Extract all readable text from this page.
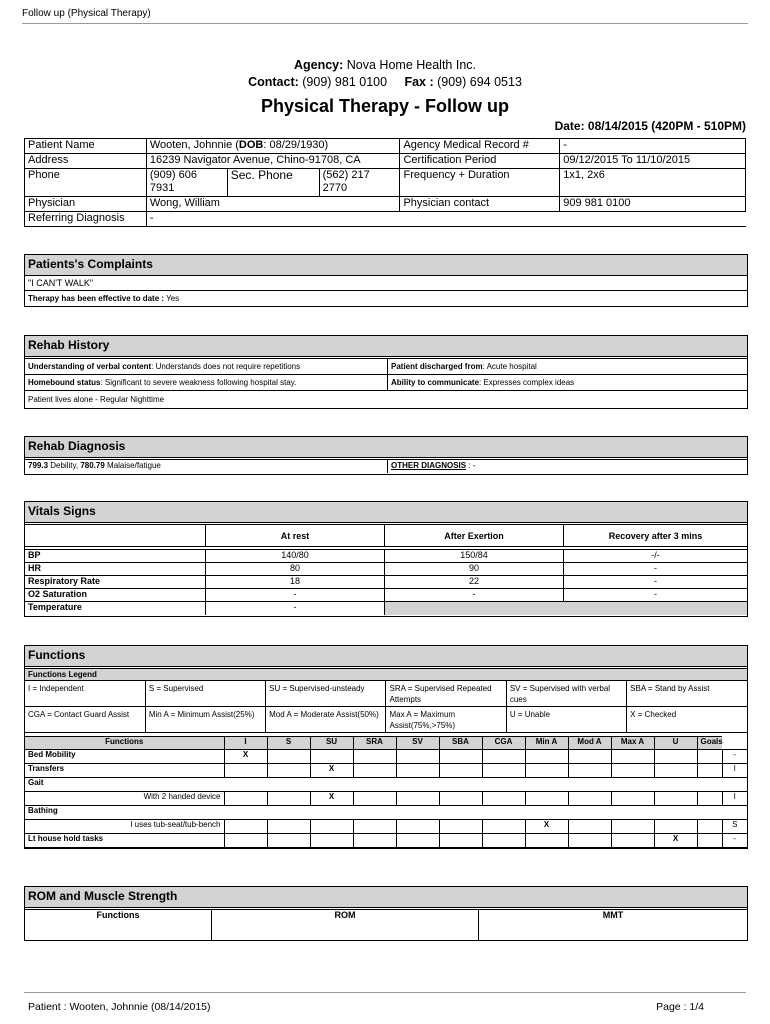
Follow up (Physical Therapy)
Agency: Nova Home Health Inc.
Contact: (909) 981 0100 Fax : (909) 694 0513
Physical Therapy - Follow up
Date: 08/14/2015 (420PM - 510PM)
Patient Name	Wooten, Johnnie (DOB: 08/29/1930)			Agency Medical Record #	-
Address	16239 Navigator Avenue, Chino-91708, CA			Certification Period	09/12/2015 To 11/10/2015
Phone	(909) 606 7931	Sec. Phone	(562) 217 2770	Frequency + Duration	1x1, 2x6
Physician	Wong, William			Physician contact	909 981 0100
Referring Diagnosis	-				
Patients's Complaints
"I CAN'T WALK"
Therapy has been effective to date : Yes
Rehab History
Understanding of verbal content: Understands does not require repetitions	Patient discharged from: Acute hospital
Homebound status: Significant to severe weakness following hospital stay.	Ability to communicate: Expresses complex ideas
Patient lives alone - Regular Nighttime	
Rehab Diagnosis
799.3 Debility, 780.79 Malaise/fatigue	OTHER DIAGNOSIS : -
Vitals Signs
	At rest	After Exertion	Recovery after 3 mins

BP	140/80	150/84	-/-
HR	80	90	-
Respiratory Rate	18	22	-
O2 Saturation	-	-	-
Temperature	-		
Functions
Functions Legend					
I = Independent	S = Supervised	SU = Supervised-unsteady	SRA = Supervised Repeated Attempts	SV = Supervised with verbal cues	SBA = Stand by Assist
CGA = Contact Guard Assist	Min A = Minimum Assist(25%)	Mod A = Moderate Assist(50%)	Max A = Maximum Assist(75%,>75%)	U = Unable	X = Checked
Functions	I	S	SU	SRA	SV	SBA	CGA	Min A	Mod A	Max A	U	Goals	
Bed Mobility	X												-
Transfers			X										I
Gait													
With 2 handed device			X										I
Bathing													
I uses tub-seat/tub-bench								X					S
Lt house hold tasks											X		-
ROM and Muscle Strength
Functions	ROM	MMT
Patient : Wooten, Johnnie (08/14/2015)	Page : 1/4
